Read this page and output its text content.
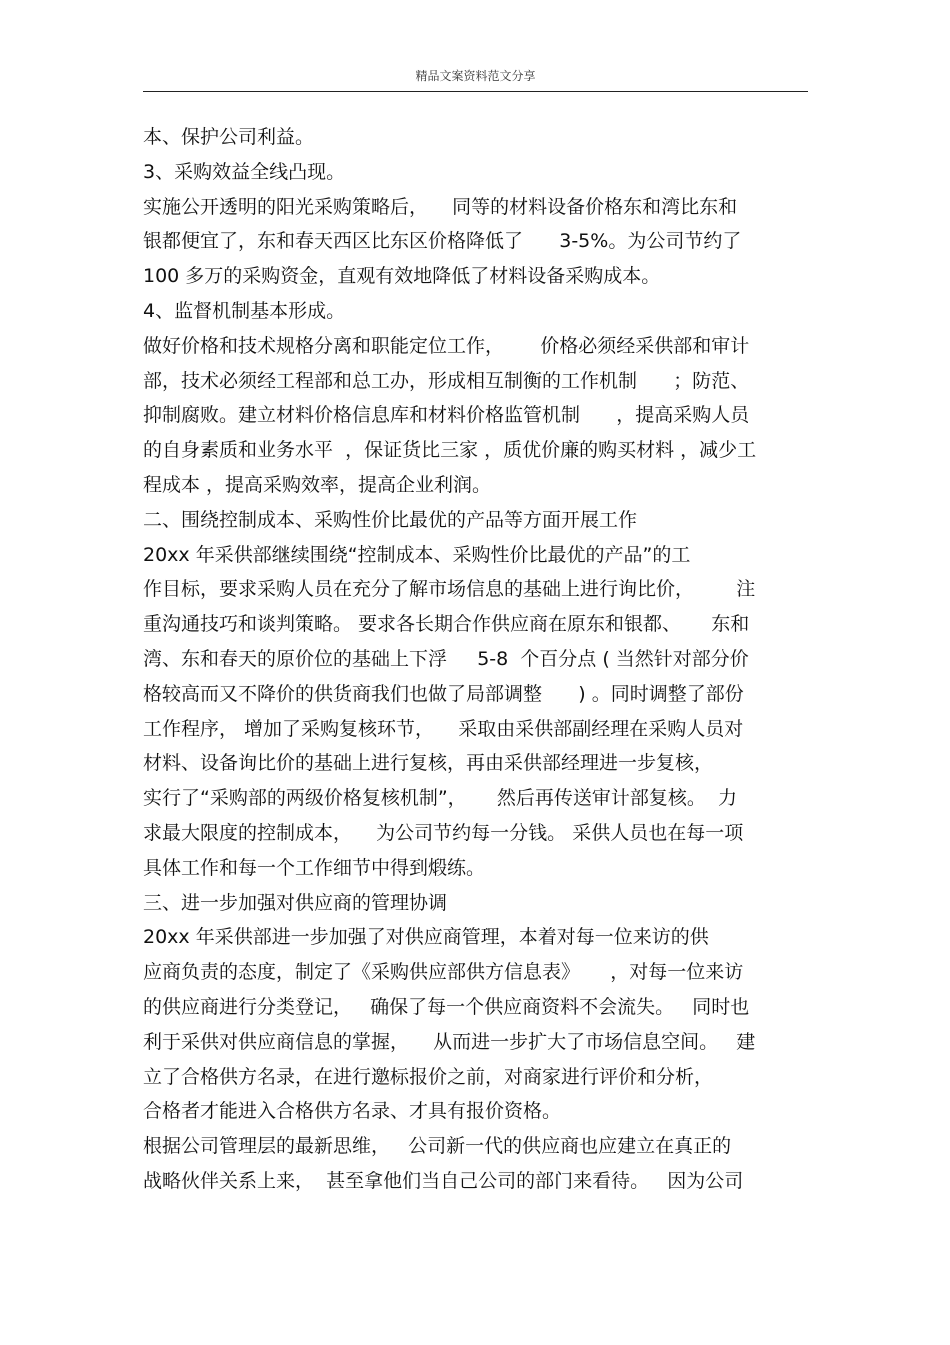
精品文案资料范文分享
本、保护公司利益。
3、采购效益全线凸现。
实施公开透明的阳光采购策略后，    同等的材料设备价格东和湾比东和
银都便宜了，东和春天西区比东区价格降低了      3-5%。为公司节约了
100 多万的采购资金，直观有效地降低了材料设备采购成本。
4、监督机制基本形成。
做好价格和技术规格分离和职能定位工作，      价格必须经采供部和审计
部，技术必须经工程部和总工办，形成相互制衡的工作机制      ；防范、
抑制腐败。建立材料价格信息库和材料价格监管机制      ，提高采购人员
的自身素质和业务水平  ，保证货比三家 ，质优价廉的购买材料 ，减少工
程成本 ，提高采购效率，提高企业利润。
二、围绕控制成本、采购性价比最优的产品等方面开展工作
20xx 年采供部继续围绕“控制成本、采购性价比最优的产品”的工
作目标，要求采购人员在充分了解市场信息的基础上进行询比价，       注
重沟通技巧和谈判策略。 要求各长期合作供应商在原东和银都、     东和
湾、东和春天的原价位的基础上下浮     5-8  个百分点 ( 当然针对部分价
格较高而又不降价的供货商我们也做了局部调整      ) 。同时调整了部份
工作程序， 增加了采购复核环节，    采取由采供部副经理在采购人员对
材料、设备询比价的基础上进行复核，再由采供部经理进一步复核，
实行了“采购部的两级价格复核机制”，     然后再传送审计部复核。  力
求最大限度的控制成本，    为公司节约每一分钱。 采供人员也在每一项
具体工作和每一个工作细节中得到煅练。
三、进一步加强对供应商的管理协调
20xx 年采供部进一步加强了对供应商管理，本着对每一位来访的供
应商负责的态度，制定了《采购供应部供方信息表》     ，对每一位来访
的供应商进行分类登记，   确保了每一个供应商资料不会流失。   同时也
利于采供对供应商信息的掌握，    从而进一步扩大了市场信息空间。   建
立了合格供方名录，在进行邀标报价之前，对商家进行评价和分析，
合格者才能进入合格供方名录、才具有报价资格。
根据公司管理层的最新思维，   公司新一代的供应商也应建立在真正的
战略伙伴关系上来，  甚至拿他们当自己公司的部门来看待。   因为公司
